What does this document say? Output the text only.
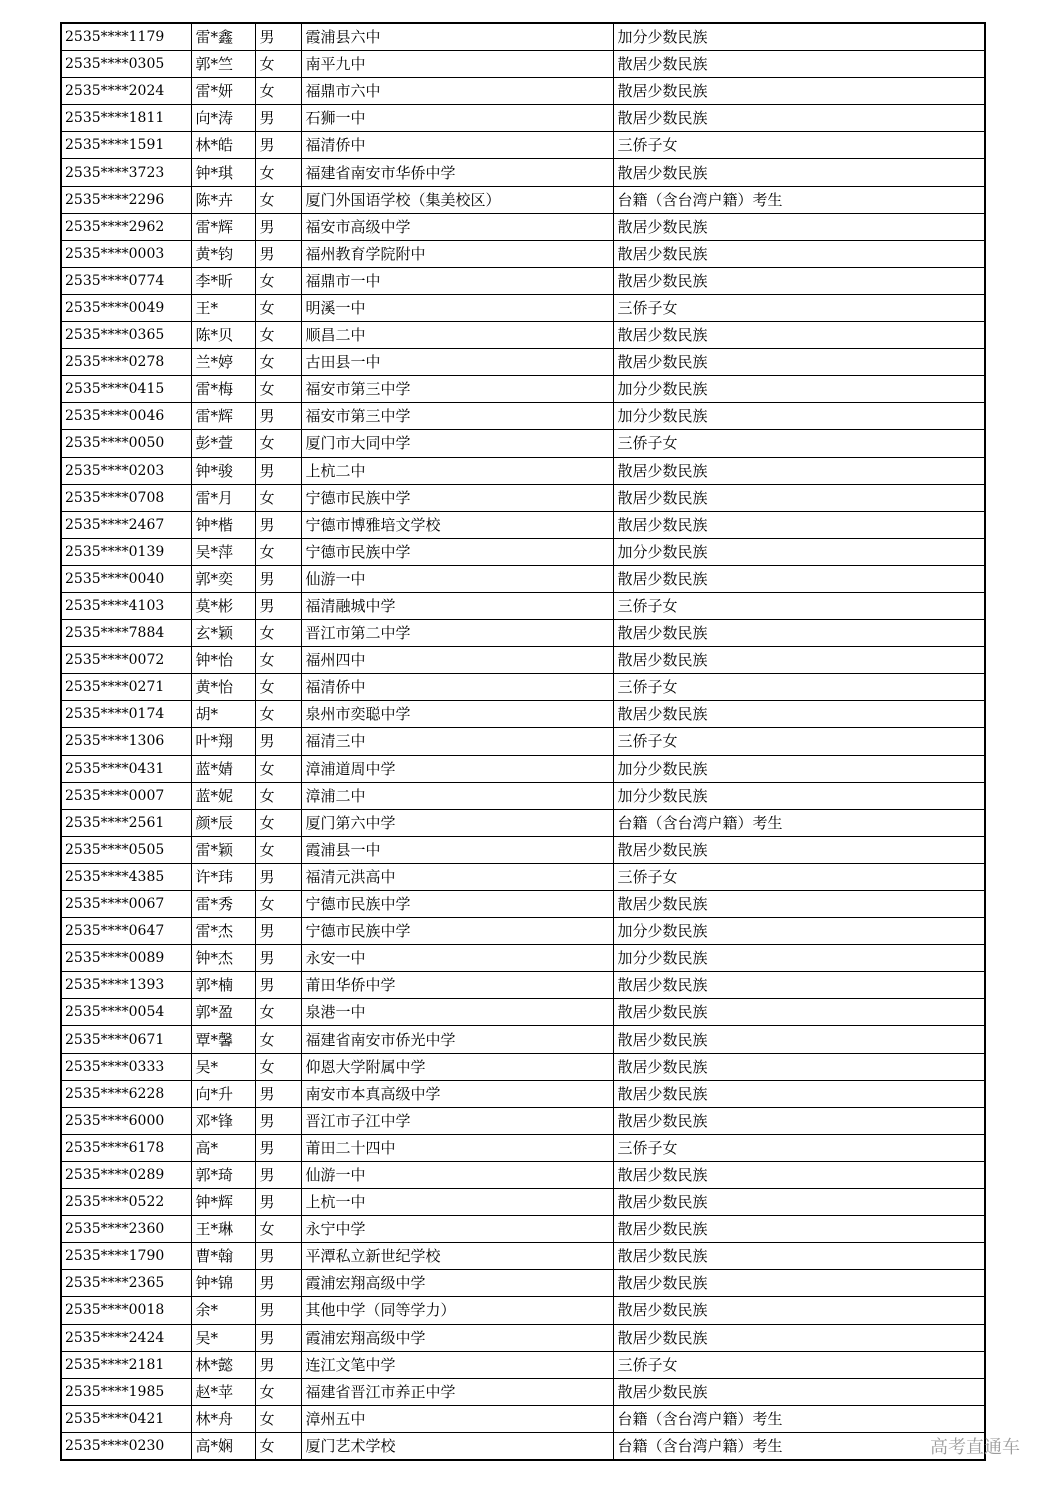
2535****1179	雷*鑫	男	霞浦县六中	加分少数民族
2535****0305	郭*竺	女	南平九中	散居少数民族
2535****2024	雷*妍	女	福鼎市六中	散居少数民族
2535****1811	向*涛	男	石狮一中	散居少数民族
2535****1591	林*皓	男	福清侨中	三侨子女
2535****3723	钟*琪	女	福建省南安市华侨中学	散居少数民族
2535****2296	陈*卉	女	厦门外国语学校（集美校区）	台籍（含台湾户籍）考生
2535****2962	雷*辉	男	福安市高级中学	散居少数民族
2535****0003	黄*钧	男	福州教育学院附中	散居少数民族
2535****0774	李*昕	女	福鼎市一中	散居少数民族
2535****0049	王*	女	明溪一中	三侨子女
2535****0365	陈*贝	女	顺昌二中	散居少数民族
2535****0278	兰*婷	女	古田县一中	散居少数民族
2535****0415	雷*梅	女	福安市第三中学	加分少数民族
2535****0046	雷*辉	男	福安市第三中学	加分少数民族
2535****0050	彭*萱	女	厦门市大同中学	三侨子女
2535****0203	钟*骏	男	上杭二中	散居少数民族
2535****0708	雷*月	女	宁德市民族中学	散居少数民族
2535****2467	钟*楷	男	宁德市博雅培文学校	散居少数民族
2535****0139	吴*萍	女	宁德市民族中学	加分少数民族
2535****0040	郭*奕	男	仙游一中	散居少数民族
2535****4103	莫*彬	男	福清融城中学	三侨子女
2535****7884	玄*颖	女	晋江市第二中学	散居少数民族
2535****0072	钟*怡	女	福州四中	散居少数民族
2535****0271	黄*怡	女	福清侨中	三侨子女
2535****0174	胡*	女	泉州市奕聪中学	散居少数民族
2535****1306	叶*翔	男	福清三中	三侨子女
2535****0431	蓝*婧	女	漳浦道周中学	加分少数民族
2535****0007	蓝*妮	女	漳浦二中	加分少数民族
2535****2561	颜*辰	女	厦门第六中学	台籍（含台湾户籍）考生
2535****0505	雷*颖	女	霞浦县一中	散居少数民族
2535****4385	许*玮	男	福清元洪高中	三侨子女
2535****0067	雷*秀	女	宁德市民族中学	散居少数民族
2535****0647	雷*杰	男	宁德市民族中学	加分少数民族
2535****0089	钟*杰	男	永安一中	加分少数民族
2535****1393	郭*楠	男	莆田华侨中学	散居少数民族
2535****0054	郭*盈	女	泉港一中	散居少数民族
2535****0671	覃*馨	女	福建省南安市侨光中学	散居少数民族
2535****0333	吴*	女	仰恩大学附属中学	散居少数民族
2535****6228	向*升	男	南安市本真高级中学	散居少数民族
2535****6000	邓*锋	男	晋江市子江中学	散居少数民族
2535****6178	高*	男	莆田二十四中	三侨子女
2535****0289	郭*琦	男	仙游一中	散居少数民族
2535****0522	钟*辉	男	上杭一中	散居少数民族
2535****2360	王*琳	女	永宁中学	散居少数民族
2535****1790	曹*翰	男	平潭私立新世纪学校	散居少数民族
2535****2365	钟*锦	男	霞浦宏翔高级中学	散居少数民族
2535****0018	余*	男	其他中学（同等学力）	散居少数民族
2535****2424	吴*	男	霞浦宏翔高级中学	散居少数民族
2535****2181	林*懿	男	连江文笔中学	三侨子女
2535****1985	赵*苹	女	福建省晋江市养正中学	散居少数民族
2535****0421	林*舟	女	漳州五中	台籍（含台湾户籍）考生
2535****0230	高*娴	女	厦门艺术学校	台籍（含台湾户籍）考生	高考直通车
